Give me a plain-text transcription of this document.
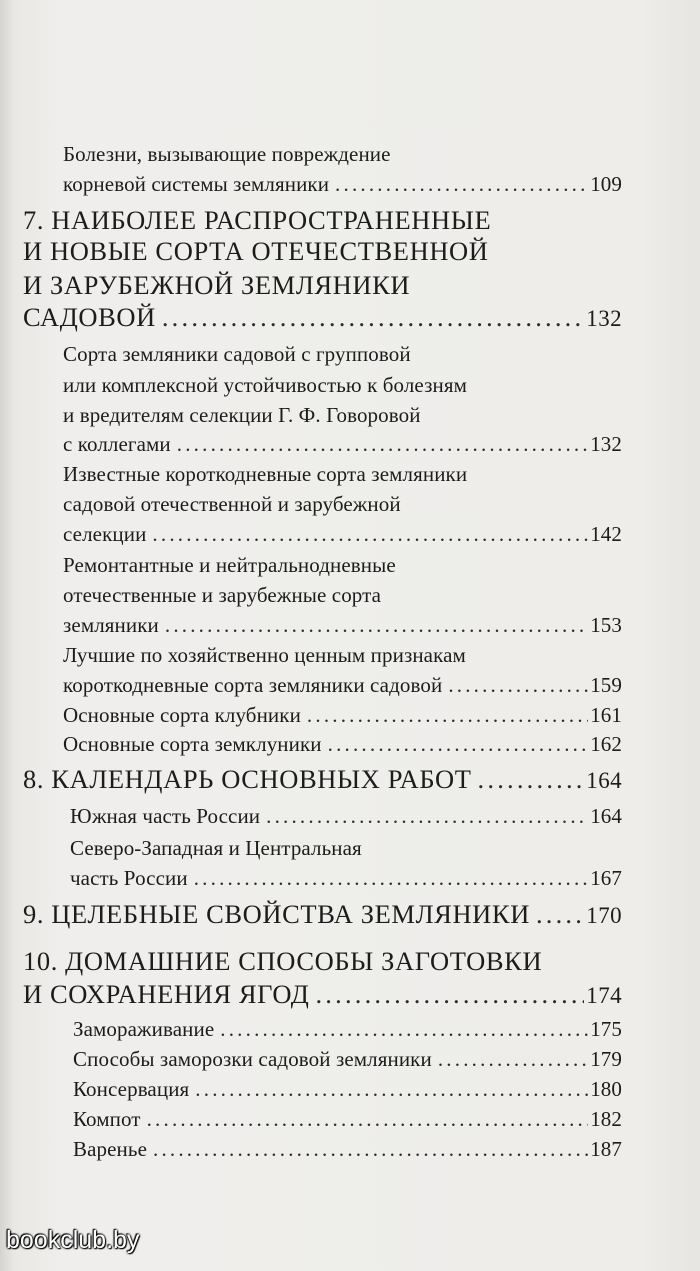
Болезни, вызывающие повреждение
корневой системы земляники .....	109
7. НАИБОЛЕЕ РАСПРОСТРАНЕННЫЕ
И НОВЫЕ СОРТА ОТЕЧЕСТВЕННОЙ
И ЗАРУБЕЖНОЙ ЗЕМЛЯНИКИ
САДОВОЙ .....	132
Сорта земляники садовой с групповой
или комплексной устойчивостью к болезням
и вредителям селекции Г. Ф. Говоровой
с коллегами .....	132
Известные короткодневные сорта земляники
садовой отечественной и зарубежной
селекции .....	142
Ремонтантные и нейтральнодневные
отечественные и зарубежные сорта
земляники .....	153
Лучшие по хозяйственно ценным признакам
короткодневные сорта земляники садовой .....	159
Основные сорта клубники .....	161
Основные сорта земклуники .....	162
8. КАЛЕНДАРЬ ОСНОВНЫХ РАБОТ .....	164
Южная часть России .....	164
Северо-Западная и Центральная
часть России .....	167
9. ЦЕЛЕБНЫЕ СВОЙСТВА ЗЕМЛЯНИКИ ..... 170
10. ДОМАШНИЕ СПОСОБЫ ЗАГОТОВКИ
И СОХРАНЕНИЯ ЯГОД .....	174
Замораживание .....	175
Способы заморозки садовой земляники .....	179
Консервация .....	180
Компот .....	182
Варенье .....	187
bookclub.by
